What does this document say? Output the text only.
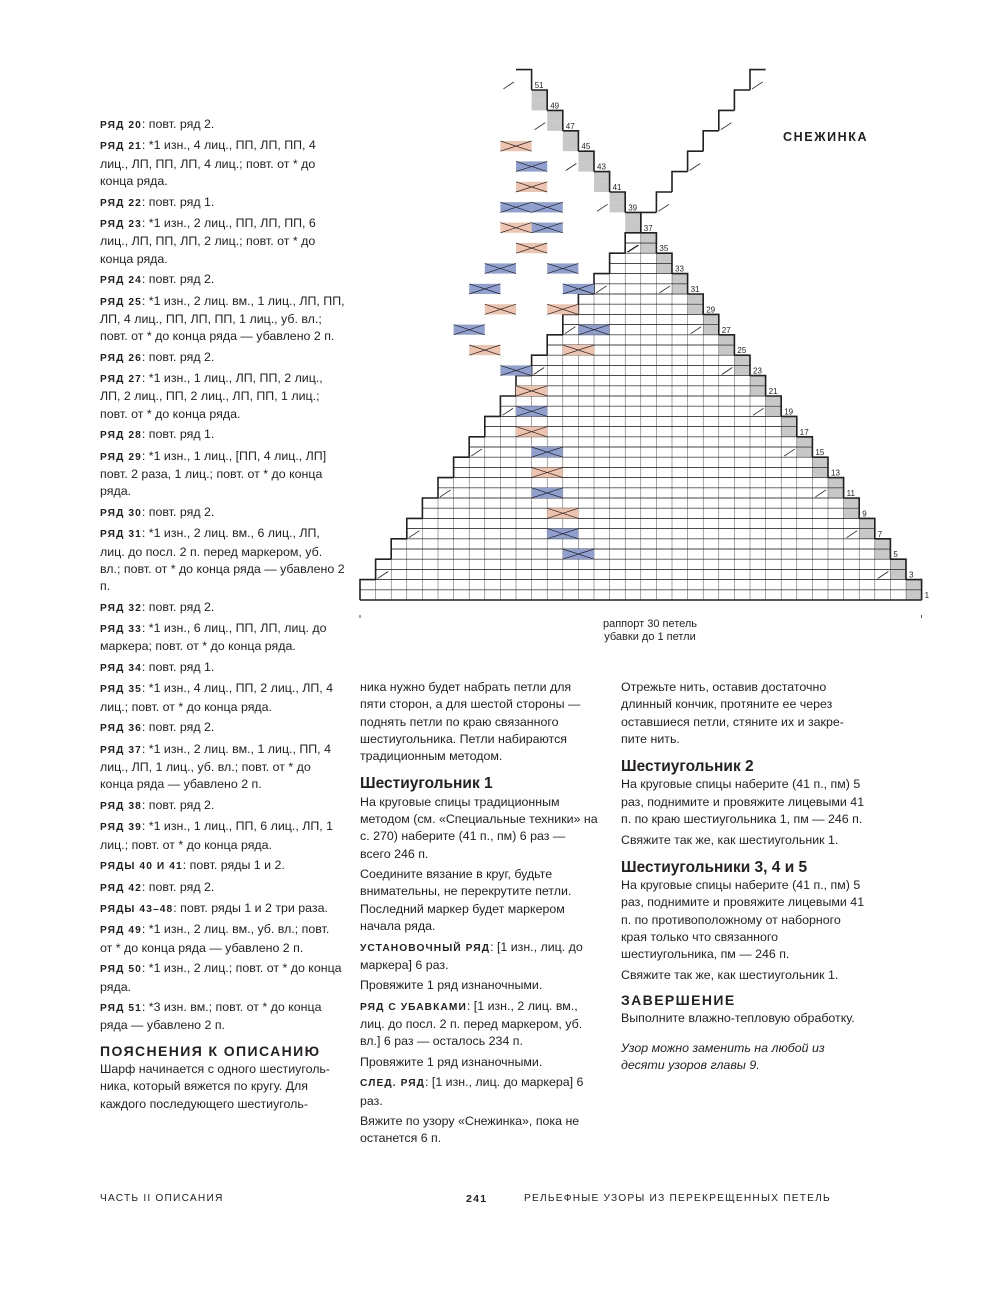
РЯД 20: повт. ряд 2.

РЯД 21: *1 изн., 4 лиц., ПП, ЛП, ПП, 4 лиц., ЛП, ПП, ЛП, 4 лиц.; повт. от * до конца ряда.

РЯД 22: повт. ряд 1.

РЯД 23: *1 изн., 2 лиц., ПП, ЛП, ПП, 6 лиц., ЛП, ПП, ЛП, 2 лиц.; повт. от * до конца ряда.

РЯД 24: повт. ряд 2.

РЯД 25: *1 изн., 2 лиц. вм., 1 лиц., ЛП, ПП, ЛП, 4 лиц., ПП, ЛП, ПП, 1 лиц., уб. вл.; повт. от * до конца ряда — убавлено 2 п.

РЯД 26: повт. ряд 2.

РЯД 27: *1 изн., 1 лиц., ЛП, ПП, 2 лиц., ЛП, 2 лиц., ПП, 2 лиц., ЛП, ПП, 1 лиц.; повт. от * до конца ряда.

РЯД 28: повт. ряд 1.

РЯД 29: *1 изн., 1 лиц., [ПП, 4 лиц., ЛП] повт. 2 раза, 1 лиц.; повт. от * до конца ряда.

РЯД 30: повт. ряд 2.

РЯД 31: *1 изн., 2 лиц. вм., 6 лиц., ЛП, лиц. до посл. 2 п. перед маркером, уб. вл.; повт. от * до конца ряда — убавлено 2 п.

РЯД 32: повт. ряд 2.

РЯД 33: *1 изн., 6 лиц., ПП, ЛП, лиц. до маркера; повт. от * до конца ряда.

РЯД 34: повт. ряд 1.

РЯД 35: *1 изн., 4 лиц., ПП, 2 лиц., ЛП, 4 лиц.; повт. от * до конца ряда.

РЯД 36: повт. ряд 2.

РЯД 37: *1 изн., 2 лиц. вм., 1 лиц., ПП, 4 лиц., ЛП, 1 лиц., уб. вл.; повт. от * до конца ряда — убавлено 2 п.

РЯД 38: повт. ряд 2.

РЯД 39: *1 изн., 1 лиц., ПП, 6 лиц., ЛП, 1 лиц.; повт. от * до конца ряда.

РЯДЫ 40 И 41: повт. ряды 1 и 2.

РЯД 42: повт. ряд 2.

РЯДЫ 43–48: повт. ряды 1 и 2 три раза.

РЯД 49: *1 изн., 2 лиц. вм., уб. вл.; повт. от * до конца ряда — убавлено 2 п.

РЯД 50: *1 изн., 2 лиц.; повт. от * до конца ряда.

РЯД 51: *3 изн. вм.; повт. от * до конца ряда — убавлено 2 п.

ПОЯСНЕНИЯ К ОПИСАНИЮ

Шарф начинается с одного шестиугольника, который вяжется по кругу. Для каждого последующего шестиуголь-

ника нужно будет набрать петли для пяти сторон, а для шестой стороны — поднять петли по краю связанного шестиугольника. Петли набираются традиционным методом.

Шестиугольник 1

На круговые спицы традиционным методом (см. «Специальные техники» на с. 270) наберите (41 п., пм) 6 раз — всего 246 п.

Соедините вязание в круг, будьте внимательны, не перекрутите петли. Последний маркер будет маркером начала ряда.

УСТАНОВОЧНЫЙ РЯД: [1 изн., лиц. до маркера] 6 раз.

Провяжите 1 ряд изнаночными.

РЯД С УБАВКАМИ: [1 изн., 2 лиц. вм., лиц. до посл. 2 п. перед маркером, уб. вл.] 6 раз — осталось 234 п.

Провяжите 1 ряд изнаночными.

СЛЕД. РЯД: [1 изн., лиц. до маркера] 6 раз.

Вяжите по узору «Снежинка», пока не останется 6 п.

Отрежьте нить, оставив достаточно длинный кончик, протяните ее через оставшиеся петли, стяните их и закрепите нить.

Шестиугольник 2

На круговые спицы наберите (41 п., пм) 5 раз, поднимите и провяжите лицевыми 41 п. по краю шестиугольника 1, пм — 246 п.

Свяжите так же, как шестиугольник 1.

Шестиугольники 3, 4 и 5

На круговые спицы наберите (41 п., пм) 5 раз, поднимите и провяжите лицевыми 41 п. по противоположному от наборного края только что связанного шестиугольника, пм — 246 п.

Свяжите так же, как шестиугольник 1.

ЗАВЕРШЕНИЕ

Выполните влажно-тепловую обработку.

Узор можно заменить на любой из десяти узоров главы 9.

СНЕЖИНКА
1
3
5
7
9
11
13
15
17
19
21
23
25
27
29
31
33
35
37
39
41
43
45
47
49
51
раппорт 30 петель
убавки до 1 петли
ЧАСТЬ II ОПИСАНИЯ	241	РЕЛЬЕФНЫЕ УЗОРЫ ИЗ ПЕРЕКРЕЩЕННЫХ ПЕТЕЛЬ
